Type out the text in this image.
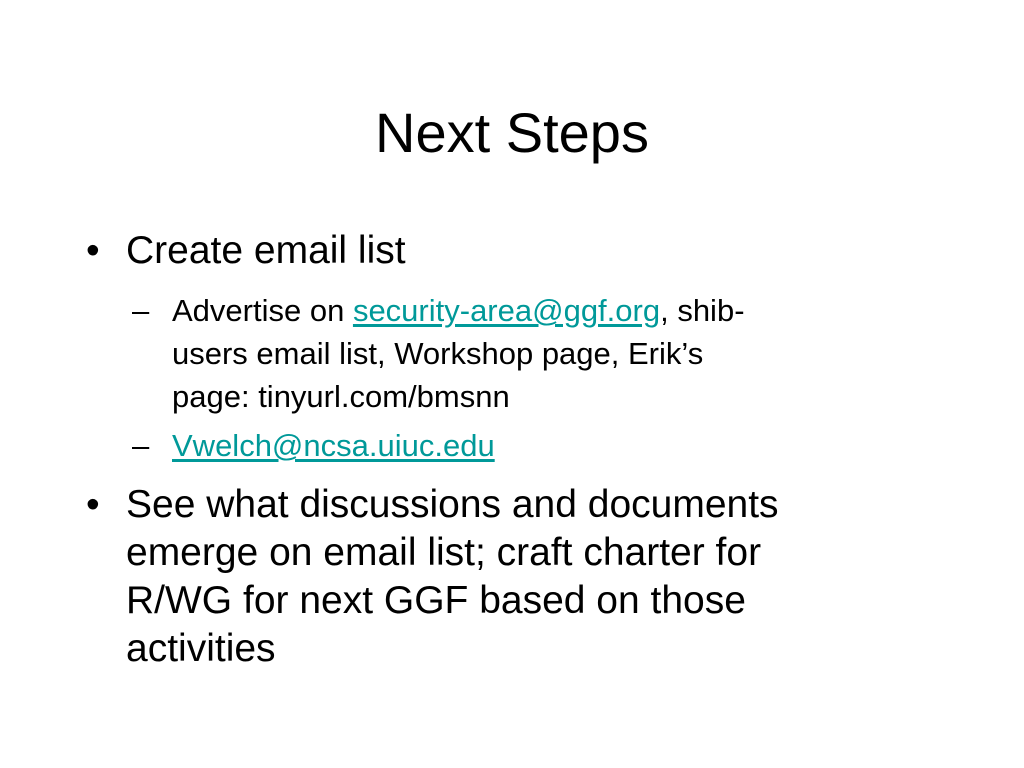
Next Steps
• Create email list
– Advertise on security-area@ggf.org, shib-
users email list, Workshop page, Erik’s
page: tinyurl.com/bmsnn
– Vwelch@ncsa.uiuc.edu
• See what discussions and documents
emerge on email list; craft charter for
R/WG for next GGF based on those
activities
